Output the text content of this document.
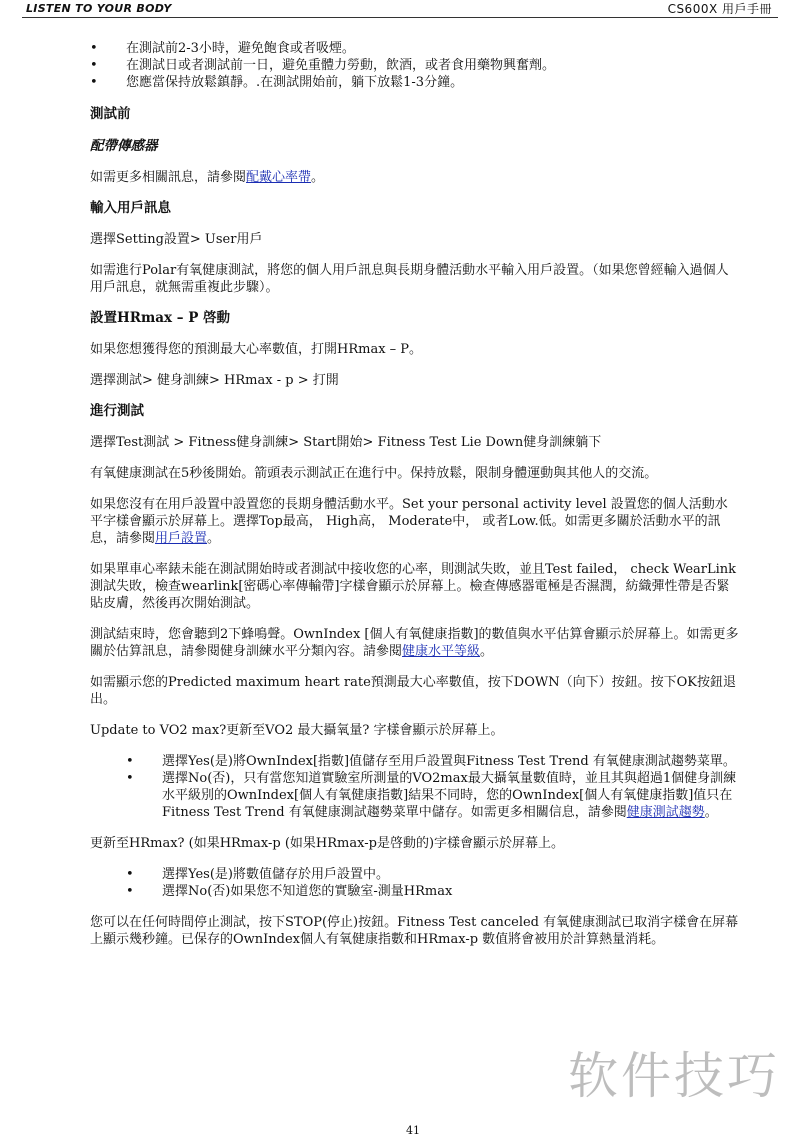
LISTEN TO YOUR BODY	CS600X 用戶手冊
• 在測試前2-3小時，避免飽食或者吸煙。
• 在測試日或者測試前一日，避免重體力勞動，飲酒，或者食用藥物興奮劑。
• 您應當保持放鬆鎮靜。.在測試開始前，躺下放鬆1-3分鐘。
測試前
配帶傳感器

如需更多相關訊息，請參閱配戴心率帶。

輸入用戶訊息

選擇Setting設置> User用戶

如需進行Polar有氧健康測試，將您的個人用戶訊息與長期身體活動水平輸入用戶設置。（如果您曾經輸入過個人用戶訊息，就無需重複此步驟）。

設置HRmax – P 啓動

如果您想獲得您的預測最大心率數值，打開HRmax – P。

選擇測試> 健身訓練> HRmax - p > 打開

進行測試

選擇Test測試 > Fitness健身訓練> Start開始> Fitness Test Lie Down健身訓練躺下

有氧健康測試在5秒後開始。箭頭表示測試正在進行中。保持放鬆，限制身體運動與其他人的交流。

如果您沒有在用戶設置中設置您的長期身體活動水平。Set your personal activity level 設置您的個人活動水平字樣會顯示於屏幕上。選擇Top最高， High高， Moderate中， 或者Low.低。如需更多關於活動水平的訊息，請參閱用戶設置。

如果單車心率錶未能在測試開始時或者測試中接收您的心率，則測試失敗，並且Test failed， check WearLink測試失敗，檢查wearlink[密碼心率傳輸帶]字樣會顯示於屏幕上。檢查傳感器電極是否濕潤，紡織彈性帶是否緊貼皮膚，然後再次開始測試。

測試結束時，您會聽到2下蜂鳴聲。OwnIndex [個人有氧健康指數]的數值與水平估算會顯示於屏幕上。如需更多關於估算訊息，請參閱健身訓練水平分類內容。請參閱健康水平等級。

如需顯示您的Predicted maximum heart rate預測最大心率數值，按下DOWN（向下）按鈕。按下OK按鈕退出。

Update to VO2 max?更新至VO2 最大攝氧量? 字樣會顯示於屏幕上。

• 選擇Yes(是)將OwnIndex[指數]值儲存至用戶設置與Fitness Test Trend 有氧健康測試趨勢菜單。
• 選擇No(否)，只有當您知道實驗室所測量的VO2max最大攝氧量數值時，並且其與超過1個健身訓練水平級別的OwnIndex[個人有氧健康指數]結果不同時，您的OwnIndex[個人有氧健康指數]值只在Fitness Test Trend 有氧健康測試趨勢菜單中儲存。如需更多相關信息，請參閱健康測試趨勢。

更新至HRmax? (如果HRmax-p (如果HRmax-p是啓動的)字樣會顯示於屏幕上。

• 選擇Yes(是)將數值儲存於用戶設置中。
• 選擇No(否)如果您不知道您的實驗室-測量HRmax

您可以在任何時間停止測試，按下STOP(停止)按鈕。Fitness Test canceled 有氧健康測試已取消字樣會在屏幕上顯示幾秒鐘。已保存的OwnIndex個人有氧健康指數和HRmax-p 數值將會被用於計算熱量消耗。

软件技巧
41
